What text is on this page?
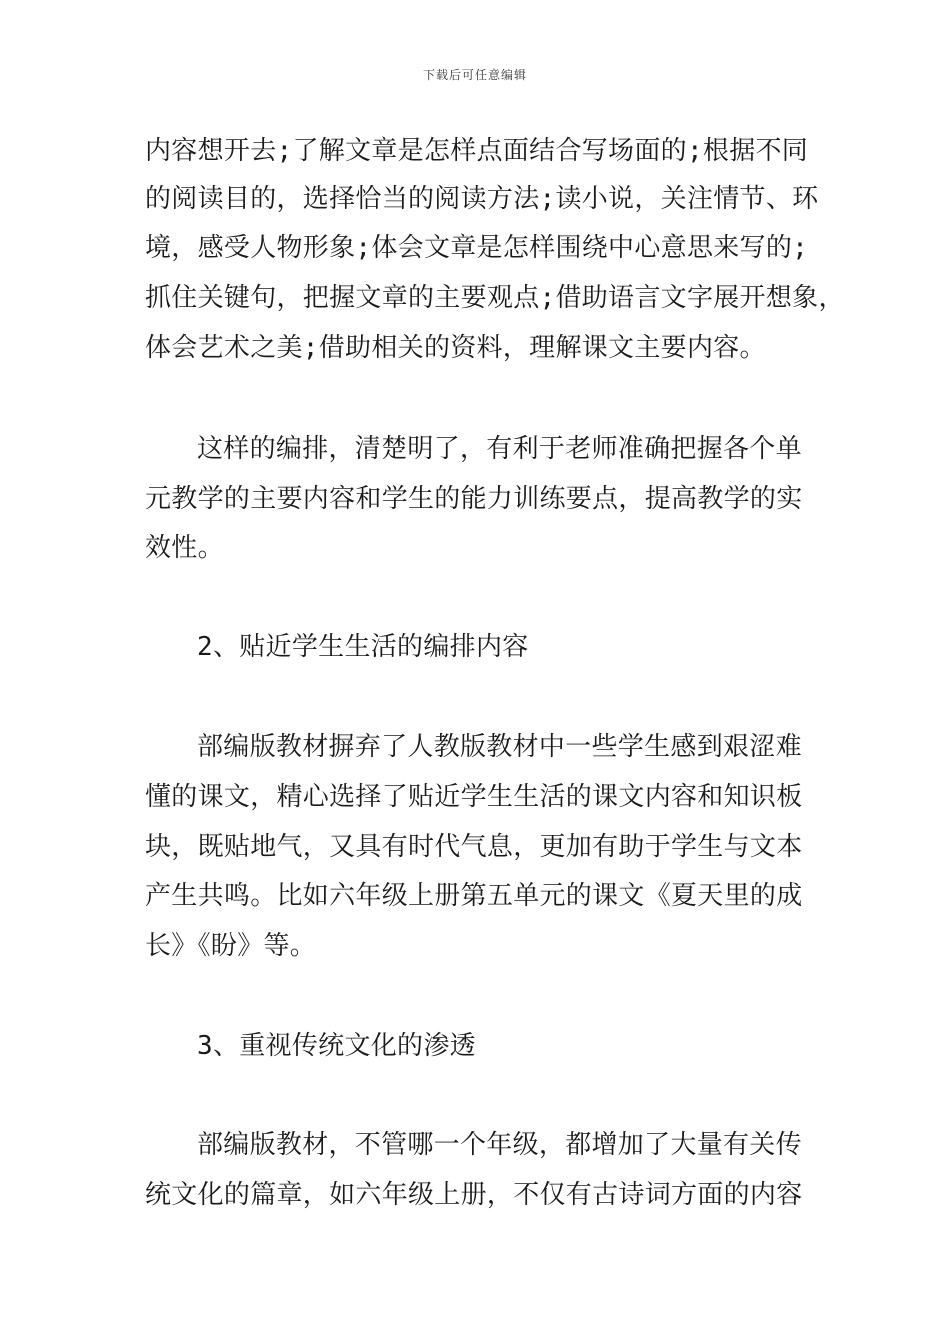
下载后可任意编辑
内容想开去;了解文章是怎样点面结合写场面的;根据不同
的阅读目的，选择恰当的阅读方法;读小说，关注情节、环
境，感受人物形象;体会文章是怎样围绕中心意思来写的;
抓住关键句，把握文章的主要观点;借助语言文字展开想象，
体会艺术之美;借助相关的资料，理解课文主要内容。
这样的编排，清楚明了，有利于老师准确把握各个单
元教学的主要内容和学生的能力训练要点，提高教学的实
效性。
2、贴近学生生活的编排内容
部编版教材摒弃了人教版教材中一些学生感到艰涩难
懂的课文，精心选择了贴近学生生活的课文内容和知识板
块，既贴地气，又具有时代气息，更加有助于学生与文本
产生共鸣。比如六年级上册第五单元的课文《夏天里的成
长》《盼》等。
3、重视传统文化的渗透
部编版教材，不管哪一个年级，都增加了大量有关传
统文化的篇章，如六年级上册，不仅有古诗词方面的内容
